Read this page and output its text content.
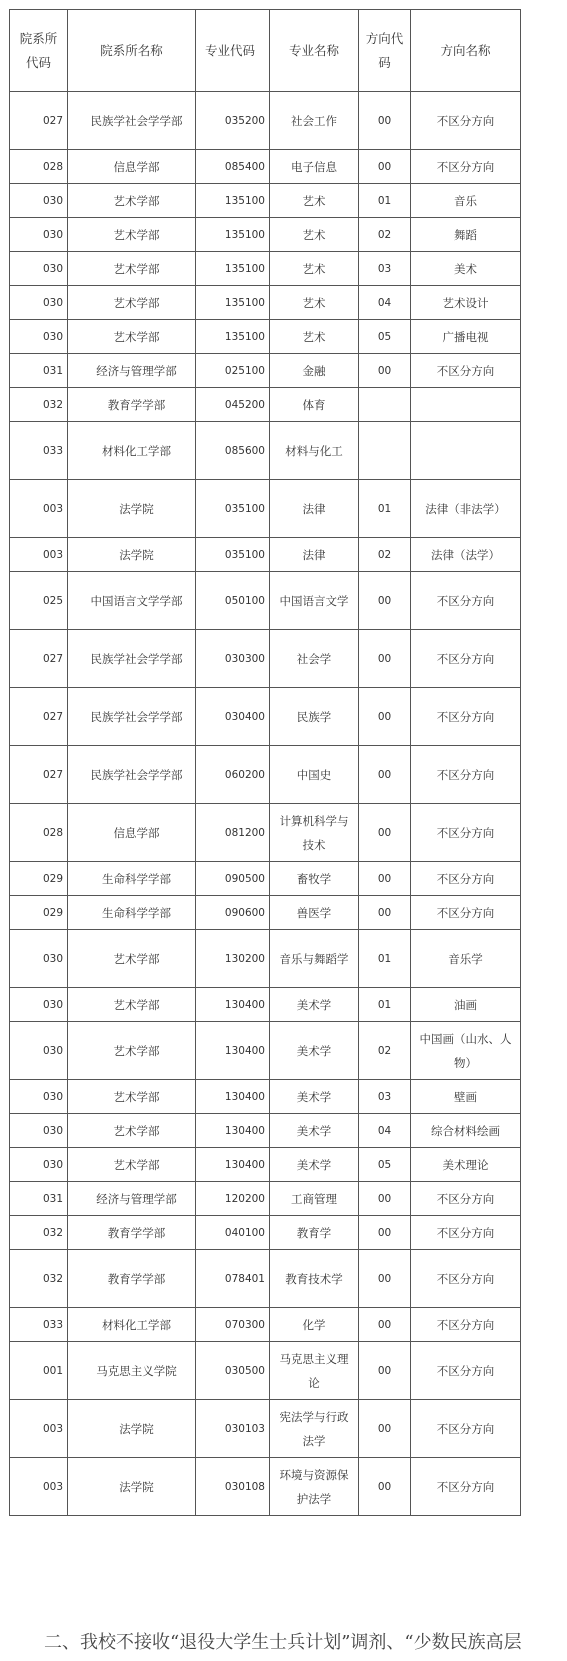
院系所代码	院系所名称	专业代码	专业名称	方向代码	方向名称
027	民族学社会学学部	035200	社会工作	00	不区分方向
028	信息学部	085400	电子信息	00	不区分方向
030	艺术学部	135100	艺术	01	音乐
030	艺术学部	135100	艺术	02	舞蹈
030	艺术学部	135100	艺术	03	美术
030	艺术学部	135100	艺术	04	艺术设计
030	艺术学部	135100	艺术	05	广播电视
031	经济与管理学部	025100	金融	00	不区分方向
032	教育学学部	045200	体育		
033	材料化工学部	085600	材料与化工		
003	法学院	035100	法律	01	法律（非法学）
003	法学院	035100	法律	02	法律（法学）
025	中国语言文学学部	050100	中国语言文学	00	不区分方向
027	民族学社会学学部	030300	社会学	00	不区分方向
027	民族学社会学学部	030400	民族学	00	不区分方向
027	民族学社会学学部	060200	中国史	00	不区分方向
028	信息学部	081200	计算机科学与技术	00	不区分方向
029	生命科学学部	090500	畜牧学	00	不区分方向
029	生命科学学部	090600	兽医学	00	不区分方向
030	艺术学部	130200	音乐与舞蹈学	01	音乐学
030	艺术学部	130400	美术学	01	油画
030	艺术学部	130400	美术学	02	中国画（山水、人物）
030	艺术学部	130400	美术学	03	壁画
030	艺术学部	130400	美术学	04	综合材料绘画
030	艺术学部	130400	美术学	05	美术理论
031	经济与管理学部	120200	工商管理	00	不区分方向
032	教育学学部	040100	教育学	00	不区分方向
032	教育学学部	078401	教育技术学	00	不区分方向
033	材料化工学部	070300	化学	00	不区分方向
001	马克思主义学院	030500	马克思主义理论	00	不区分方向
003	法学院	030103	宪法学与行政法学	00	不区分方向
003	法学院	030108	环境与资源保护法学	00	不区分方向
二、我校不接收“退役大学生士兵计划”调剂、“少数民族高层
